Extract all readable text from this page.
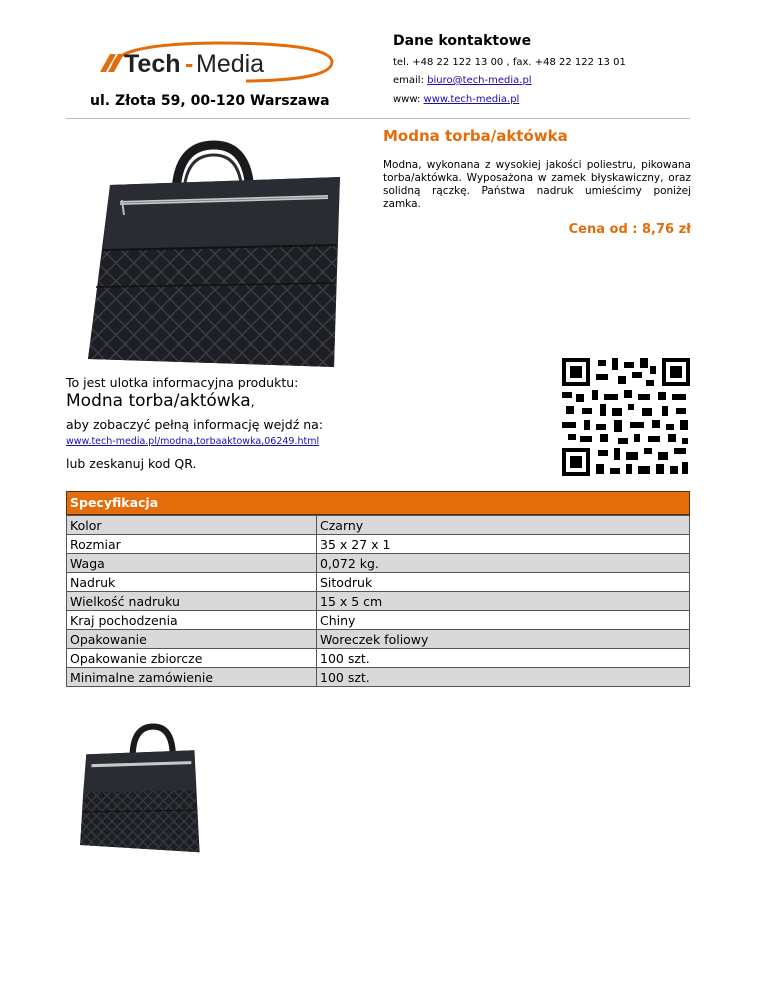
Tech - Media
ul. Złota 59, 00-120 Warszawa
Dane kontaktowe
tel. +48 22 122 13 00 , fax. +48 22 122 13 01
email: biuro@tech-media.pl
www: www.tech-media.pl
Modna torba/aktówka
Modna, wykonana z wysokiej jakości poliestru, pikowana torba/aktówka. Wyposażona w zamek błyskawiczny, oraz solidną rączkę. Państwa nadruk umieścimy poniżej zamka.
Cena od : 8,76 zł
To jest ulotka informacyjna produktu:
Modna torba/aktówka,
aby zobaczyć pełną informację wejdź na:
www.tech-media.pl/modna,torbaaktowka,06249.html
lub zeskanuj kod QR.
Specyfikacja
Kolor	Czarny
Rozmiar	35 x 27 x 1
Waga	0,072 kg.
Nadruk	Sitodruk
Wielkość nadruku	15 x 5 cm
Kraj pochodzenia	Chiny
Opakowanie	Woreczek foliowy
Opakowanie zbiorcze	100 szt.
Minimalne zamówienie	100 szt.
